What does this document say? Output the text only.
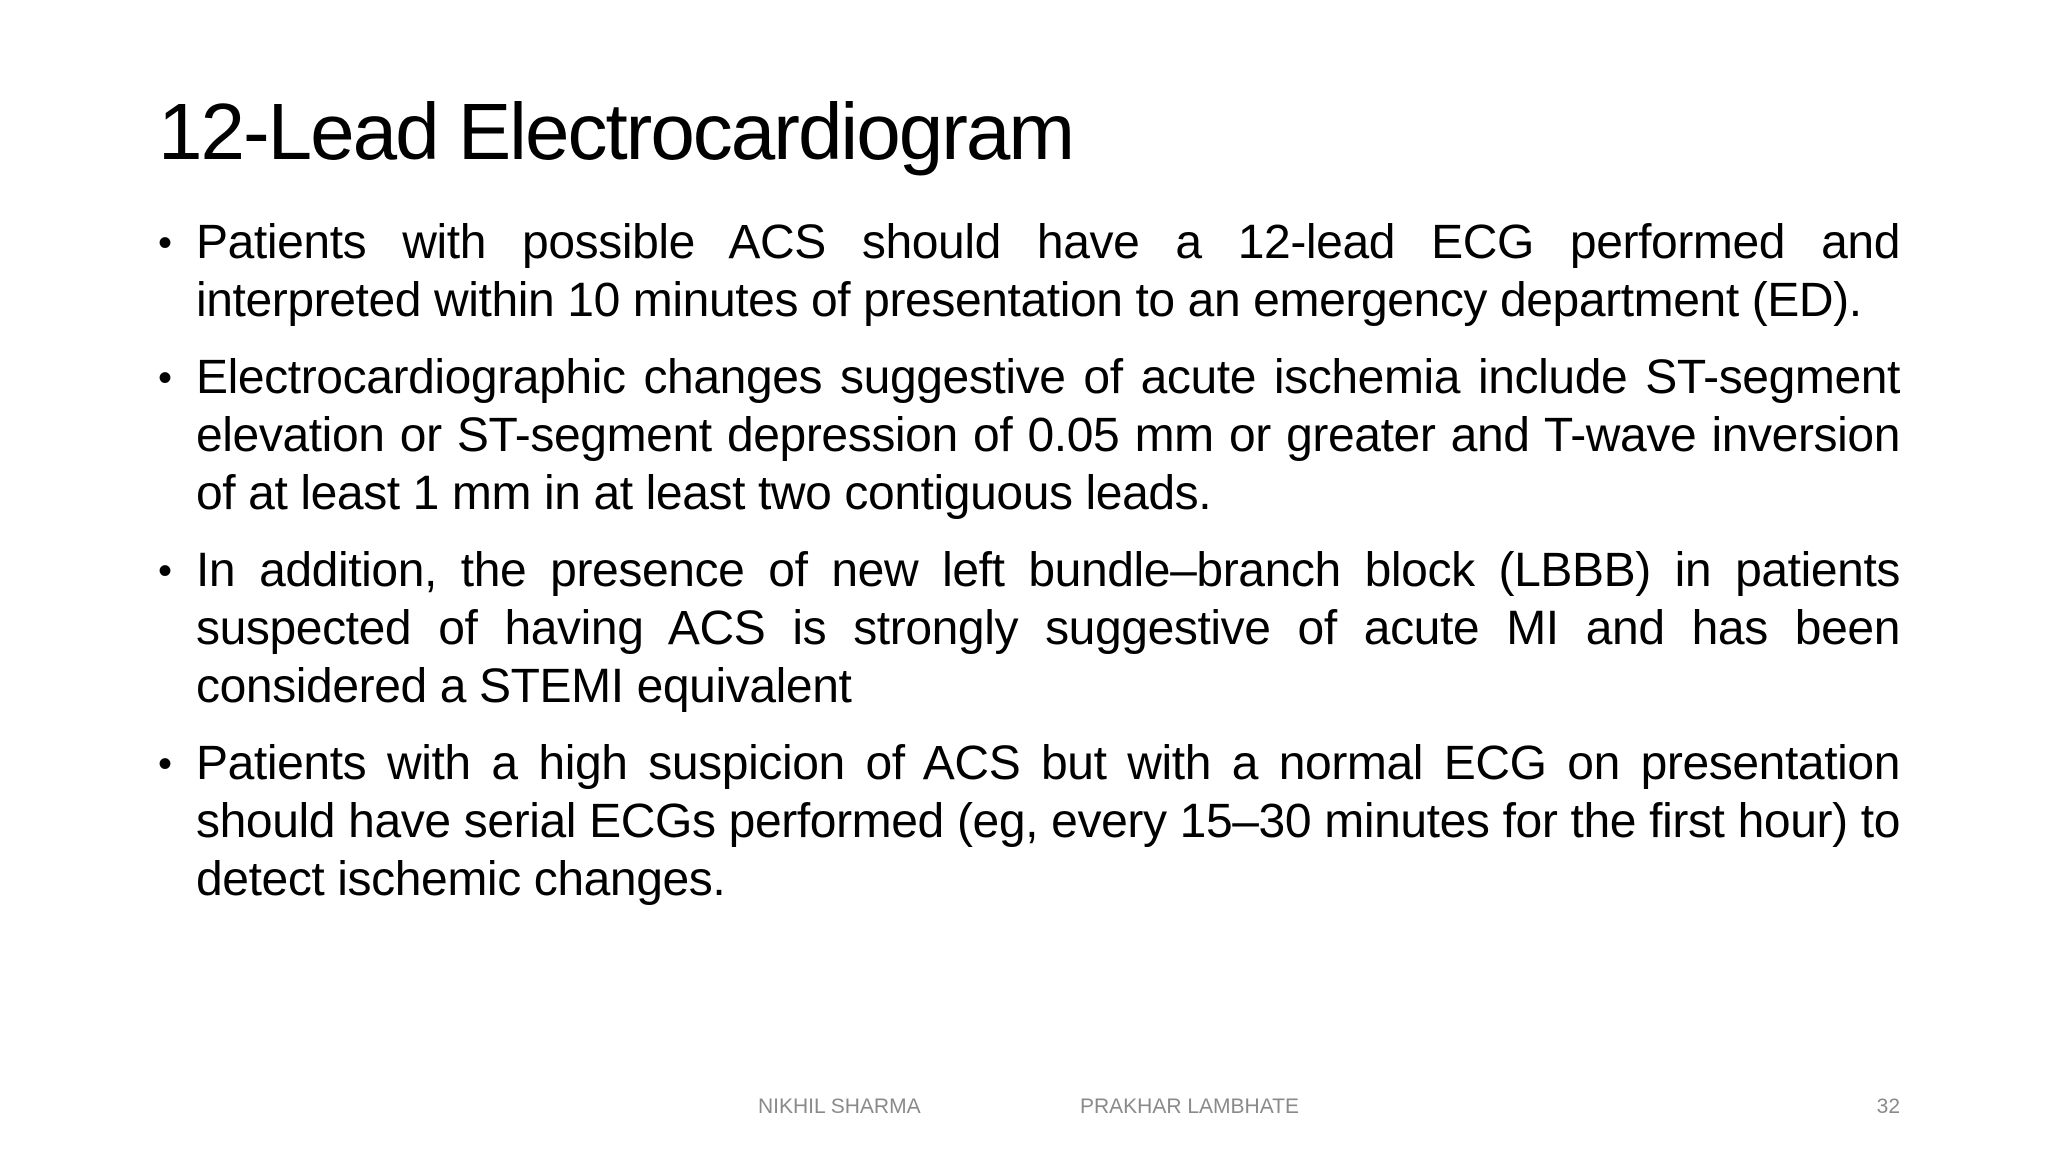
12-Lead Electrocardiogram
• Patients with possible ACS should have a 12-lead ECG performed and interpreted within 10 minutes of presentation to an emergency department (ED).
• Electrocardiographic changes suggestive of acute ischemia include ST-segment elevation or ST-segment depression of 0.05 mm or greater and T-wave inversion of at least 1 mm in at least two contiguous leads.
• In addition, the presence of new left bundle–branch block (LBBB) in patients suspected of having ACS is strongly suggestive of acute MI and has been considered a STEMI equivalent
• Patients with a high suspicion of ACS but with a normal ECG on presentation should have serial ECGs performed (eg, every 15–30 minutes for the first hour) to detect ischemic changes.
NIKHIL SHARMA	PRAKHAR LAMBHATE	32
